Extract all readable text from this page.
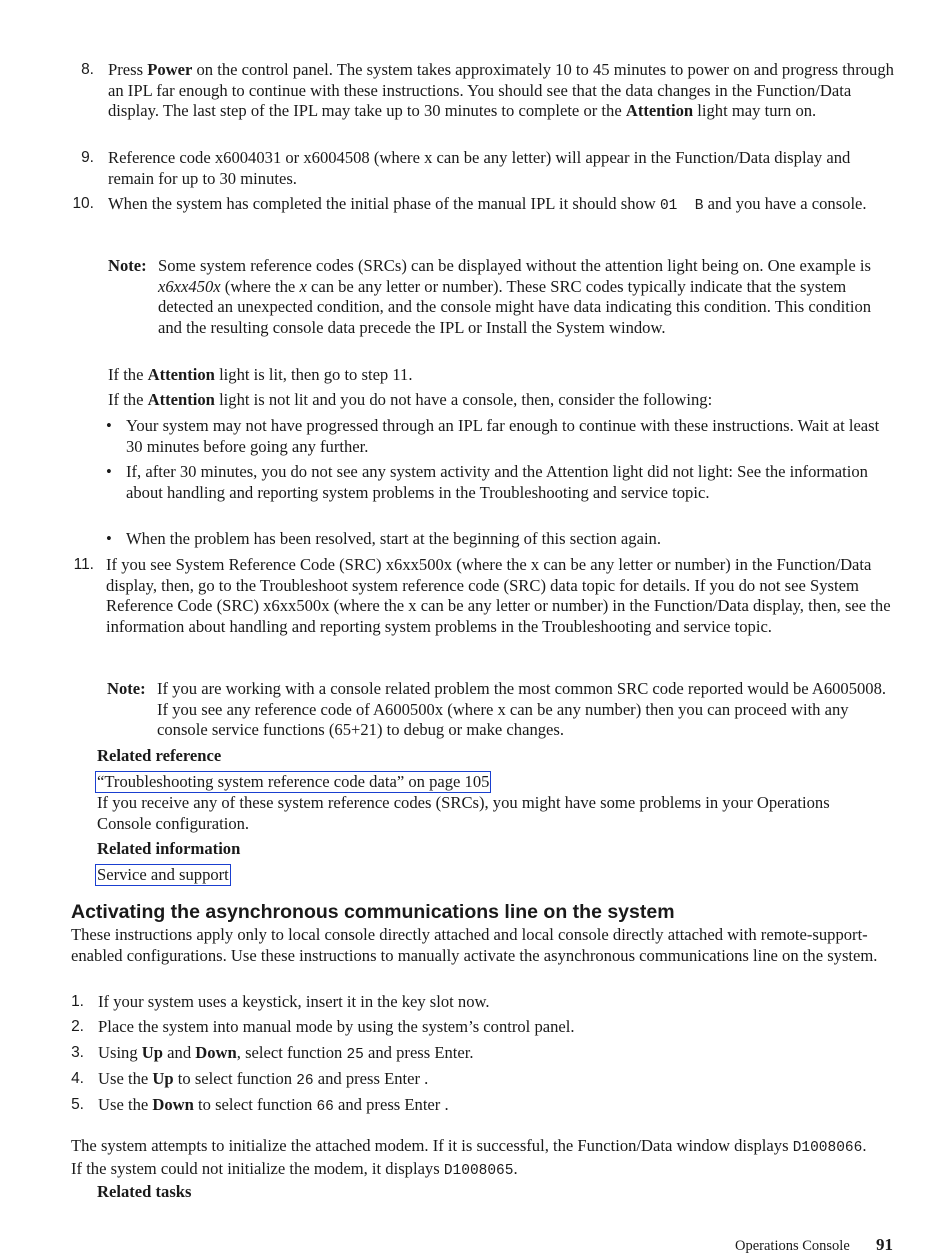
8. Press Power on the control panel. The system takes approximately 10 to 45 minutes to power on and progress through an IPL far enough to continue with these instructions. You should see that the data changes in the Function/Data display. The last step of the IPL may take up to 30 minutes to complete or the Attention light may turn on.
9. Reference code x6004031 or x6004508 (where x can be any letter) will appear in the Function/Data display and remain for up to 30 minutes.
10. When the system has completed the initial phase of the manual IPL it should show 01  B and you have a console.
Note: Some system reference codes (SRCs) can be displayed without the attention light being on. One example is x6xx450x (where the x can be any letter or number). These SRC codes typically indicate that the system detected an unexpected condition, and the console might have data indicating this condition. This condition and the resulting console data precede the IPL or Install the System window.
If the Attention light is lit, then go to step 11.
If the Attention light is not lit and you do not have a console, then, consider the following:
• Your system may not have progressed through an IPL far enough to continue with these instructions. Wait at least 30 minutes before going any further.
• If, after 30 minutes, you do not see any system activity and the Attention light did not light: See the information about handling and reporting system problems in the Troubleshooting and service topic.
• When the problem has been resolved, start at the beginning of this section again.
11. If you see System Reference Code (SRC) x6xx500x (where the x can be any letter or number) in the Function/Data display, then, go to the Troubleshoot system reference code (SRC) data topic for details. If you do not see System Reference Code (SRC) x6xx500x (where the x can be any letter or number) in the Function/Data display, then, see the information about handling and reporting system problems in the Troubleshooting and service topic.
Note: If you are working with a console related problem the most common SRC code reported would be A6005008. If you see any reference code of A600500x (where x can be any number) then you can proceed with any console service functions (65+21) to debug or make changes.
Related reference
“Troubleshooting system reference code data” on page 105
If you receive any of these system reference codes (SRCs), you might have some problems in your Operations Console configuration.
Related information
Service and support
Activating the asynchronous communications line on the system
These instructions apply only to local console directly attached and local console directly attached with remote-support-enabled configurations. Use these instructions to manually activate the asynchronous communications line on the system.
1. If your system uses a keystick, insert it in the key slot now.
2. Place the system into manual mode by using the system’s control panel.
3. Using Up and Down, select function 25 and press Enter.
4. Use the Up to select function 26 and press Enter .
5. Use the Down to select function 66 and press Enter .
The system attempts to initialize the attached modem. If it is successful, the Function/Data window displays D1008066. If the system could not initialize the modem, it displays D1008065.
Related tasks
Operations Console 91
